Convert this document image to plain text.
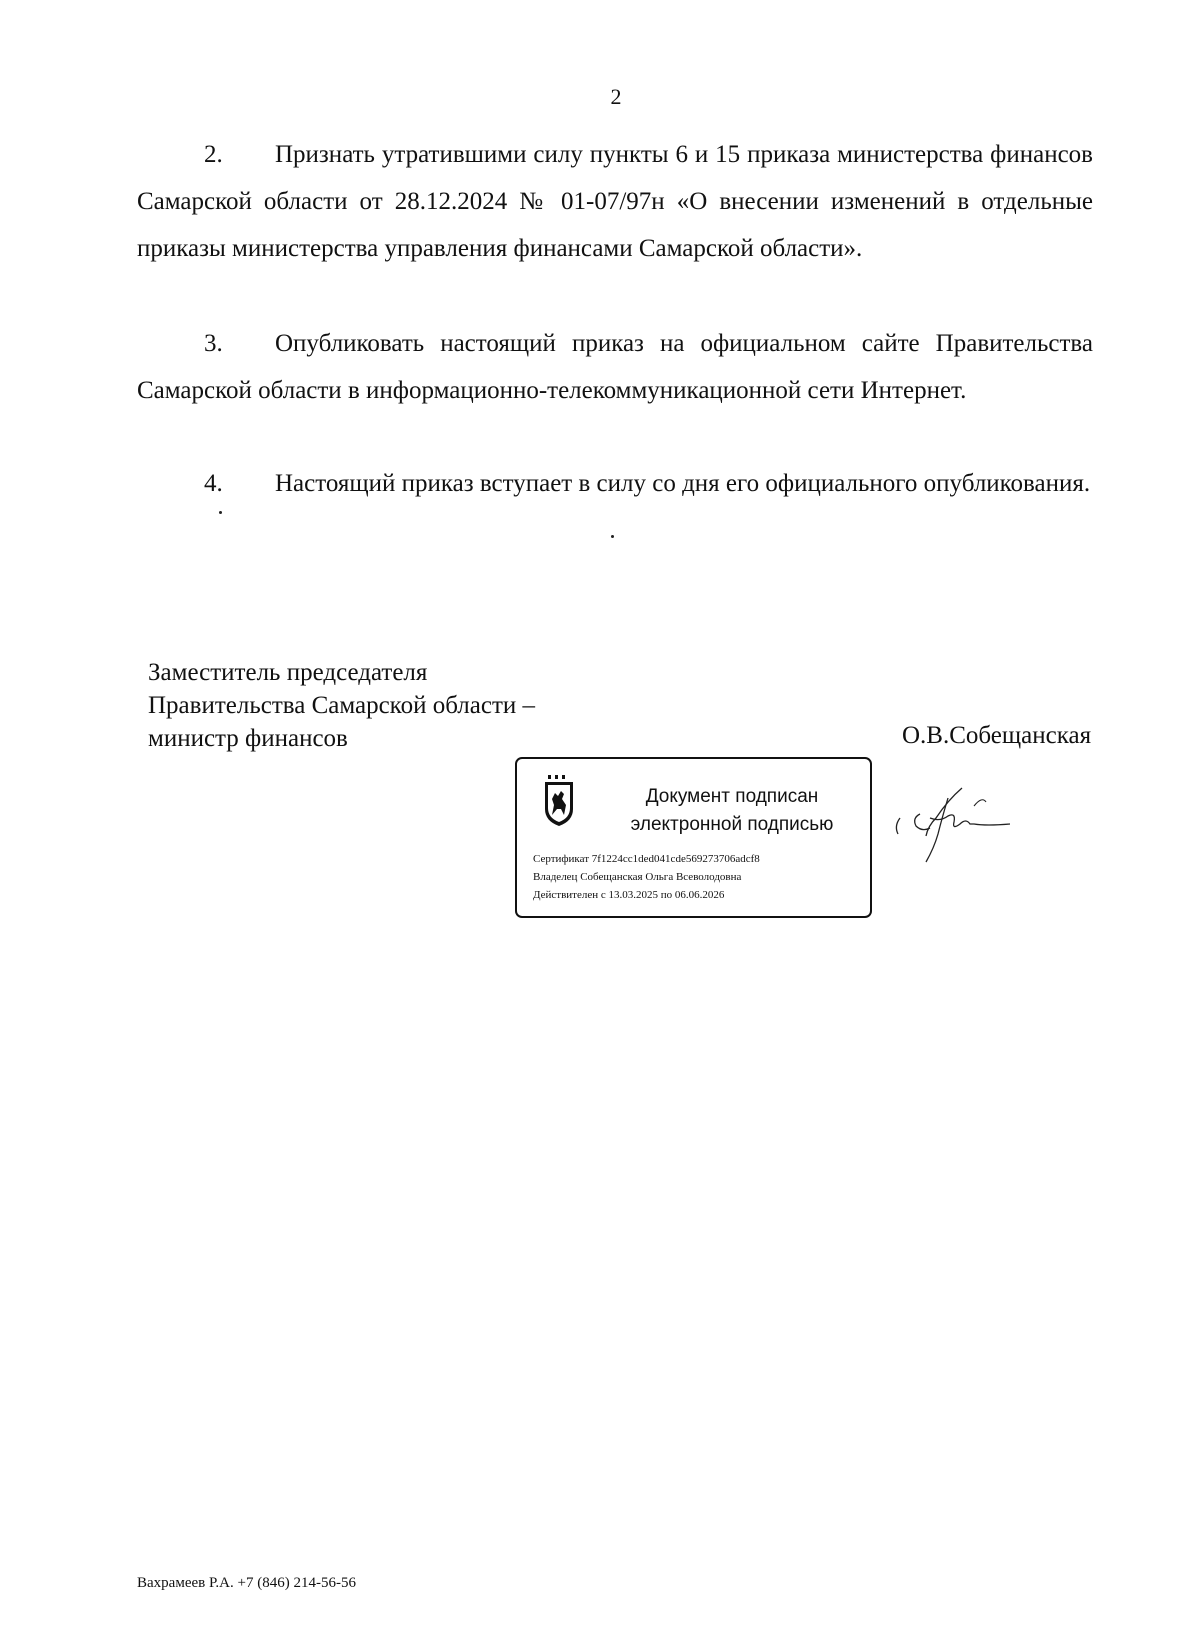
2

2. Признать утратившими силу пункты 6 и 15 приказа министерства финансов Самарской области от 28.12.2024 № 01-07/97н «О внесении изменений в отдельные приказы министерства управления финансами Самарской области».

3. Опубликовать настоящий приказ на официальном сайте Правительства Самарской области в информационно-телекоммуникационной сети Интернет.

4. Настоящий приказ вступает в силу со дня его официального опубликования.

Заместитель председателя
Правительства Самарской области –
министр финансов	О.В.Собещанская
Документ подписан
электронной подписью
Сертификат 7f1224cc1ded041cde569273706adcf8
Владелец Собещанская Ольга Всеволодовна
Действителен с 13.03.2025 по 06.06.2026
Вахрамеев Р.А. +7 (846) 214-56-56
